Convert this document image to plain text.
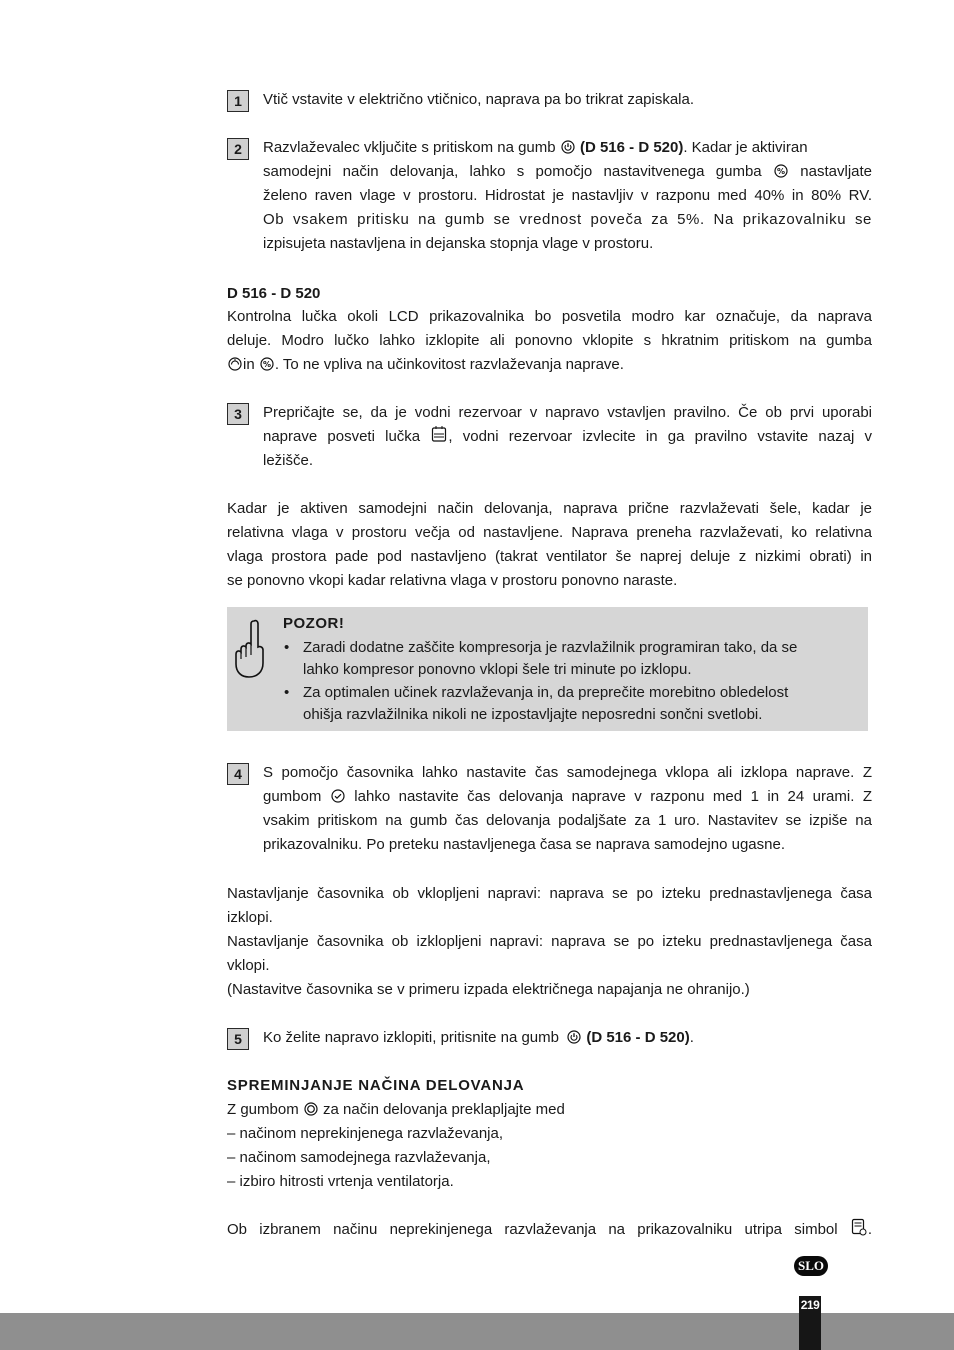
1	Vtič vstavite v električno vtičnico, naprava pa bo trikrat zapiskala.
2	Razvlaževalec vključite s pritiskom na gumb (D 516 - D 520). Kadar je aktiviran
samodejni način delovanja, lahko s pomočjo nastavitvenega gumba % nastavljate
želeno raven vlage v prostoru. Hidrostat je nastavljiv v razponu med 40% in 80% RV.
Ob vsakem pritisku na gumb se vrednost poveča za 5%. Na prikazovalniku se
izpisujeta nastavljena in dejanska stopnja vlage v prostoru.
D 516 - D 520
Kontrolna lučka okoli LCD prikazovalnika bo posvetila modro kar označuje, da naprava
deluje. Modro lučko lahko izklopite ali ponovno vklopite s hkratnim pritiskom na gumba
in % . To ne vpliva na učinkovitost razvlaževanja naprave.
3	Prepričajte se, da je vodni rezervoar v napravo vstavljen pravilno. Če ob prvi uporabi
naprave posveti lučka , vodni rezervoar izvlecite in ga pravilno vstavite nazaj v
ležišče.
Kadar je aktiven samodejni način delovanja, naprava prične razvlaževati šele, kadar je
relativna vlaga v prostoru večja od nastavljene. Naprava preneha razvlaževati, ko relativna
vlaga prostora pade pod nastavljeno (takrat ventilator še naprej deluje z nizkimi obrati) in
se ponovno vkopi kadar relativna vlaga v prostoru ponovno naraste.
POZOR!
• Zaradi dodatne zaščite kompresorja je razvlažilnik programiran tako, da se
lahko kompresor ponovno vklopi šele tri minute po izklopu.
• Za optimalen učinek razvlaževanja in, da preprečite morebitno obledelost
ohišja razvlažilnika nikoli ne izpostavljajte neposredni sončni svetlobi.
4	S pomočjo časovnika lahko nastavite čas samodejnega vklopa ali izklopa naprave. Z
gumbom lahko nastavite čas delovanja naprave v razponu med 1 in 24 urami. Z
vsakim pritiskom na gumb čas delovanja podaljšate za 1 uro. Nastavitev se izpiše na
prikazovalniku. Po preteku nastavljenega časa se naprava samodejno ugasne.
Nastavljanje časovnika ob vklopljeni napravi: naprava se po izteku prednastavljenega časa
izklopi.
Nastavljanje časovnika ob izklopljeni napravi: naprava se po izteku prednastavljenega časa
vklopi.
(Nastavitve časovnika se v primeru izpada električnega napajanja ne ohranijo.)
5	Ko želite napravo izklopiti, pritisnite na gumb (D 516 - D 520).
SPREMINJANJE NAČINA DELOVANJA
Z gumbom za način delovanja preklapljajte med
– načinom neprekinjenega razvlaževanja,
– načinom samodejnega razvlaževanja,
– izbiro hitrosti vrtenja ventilatorja.
Ob izbranem načinu neprekinjenega razvlaževanja na prikazovalniku utripa simbol .
SLO
219
